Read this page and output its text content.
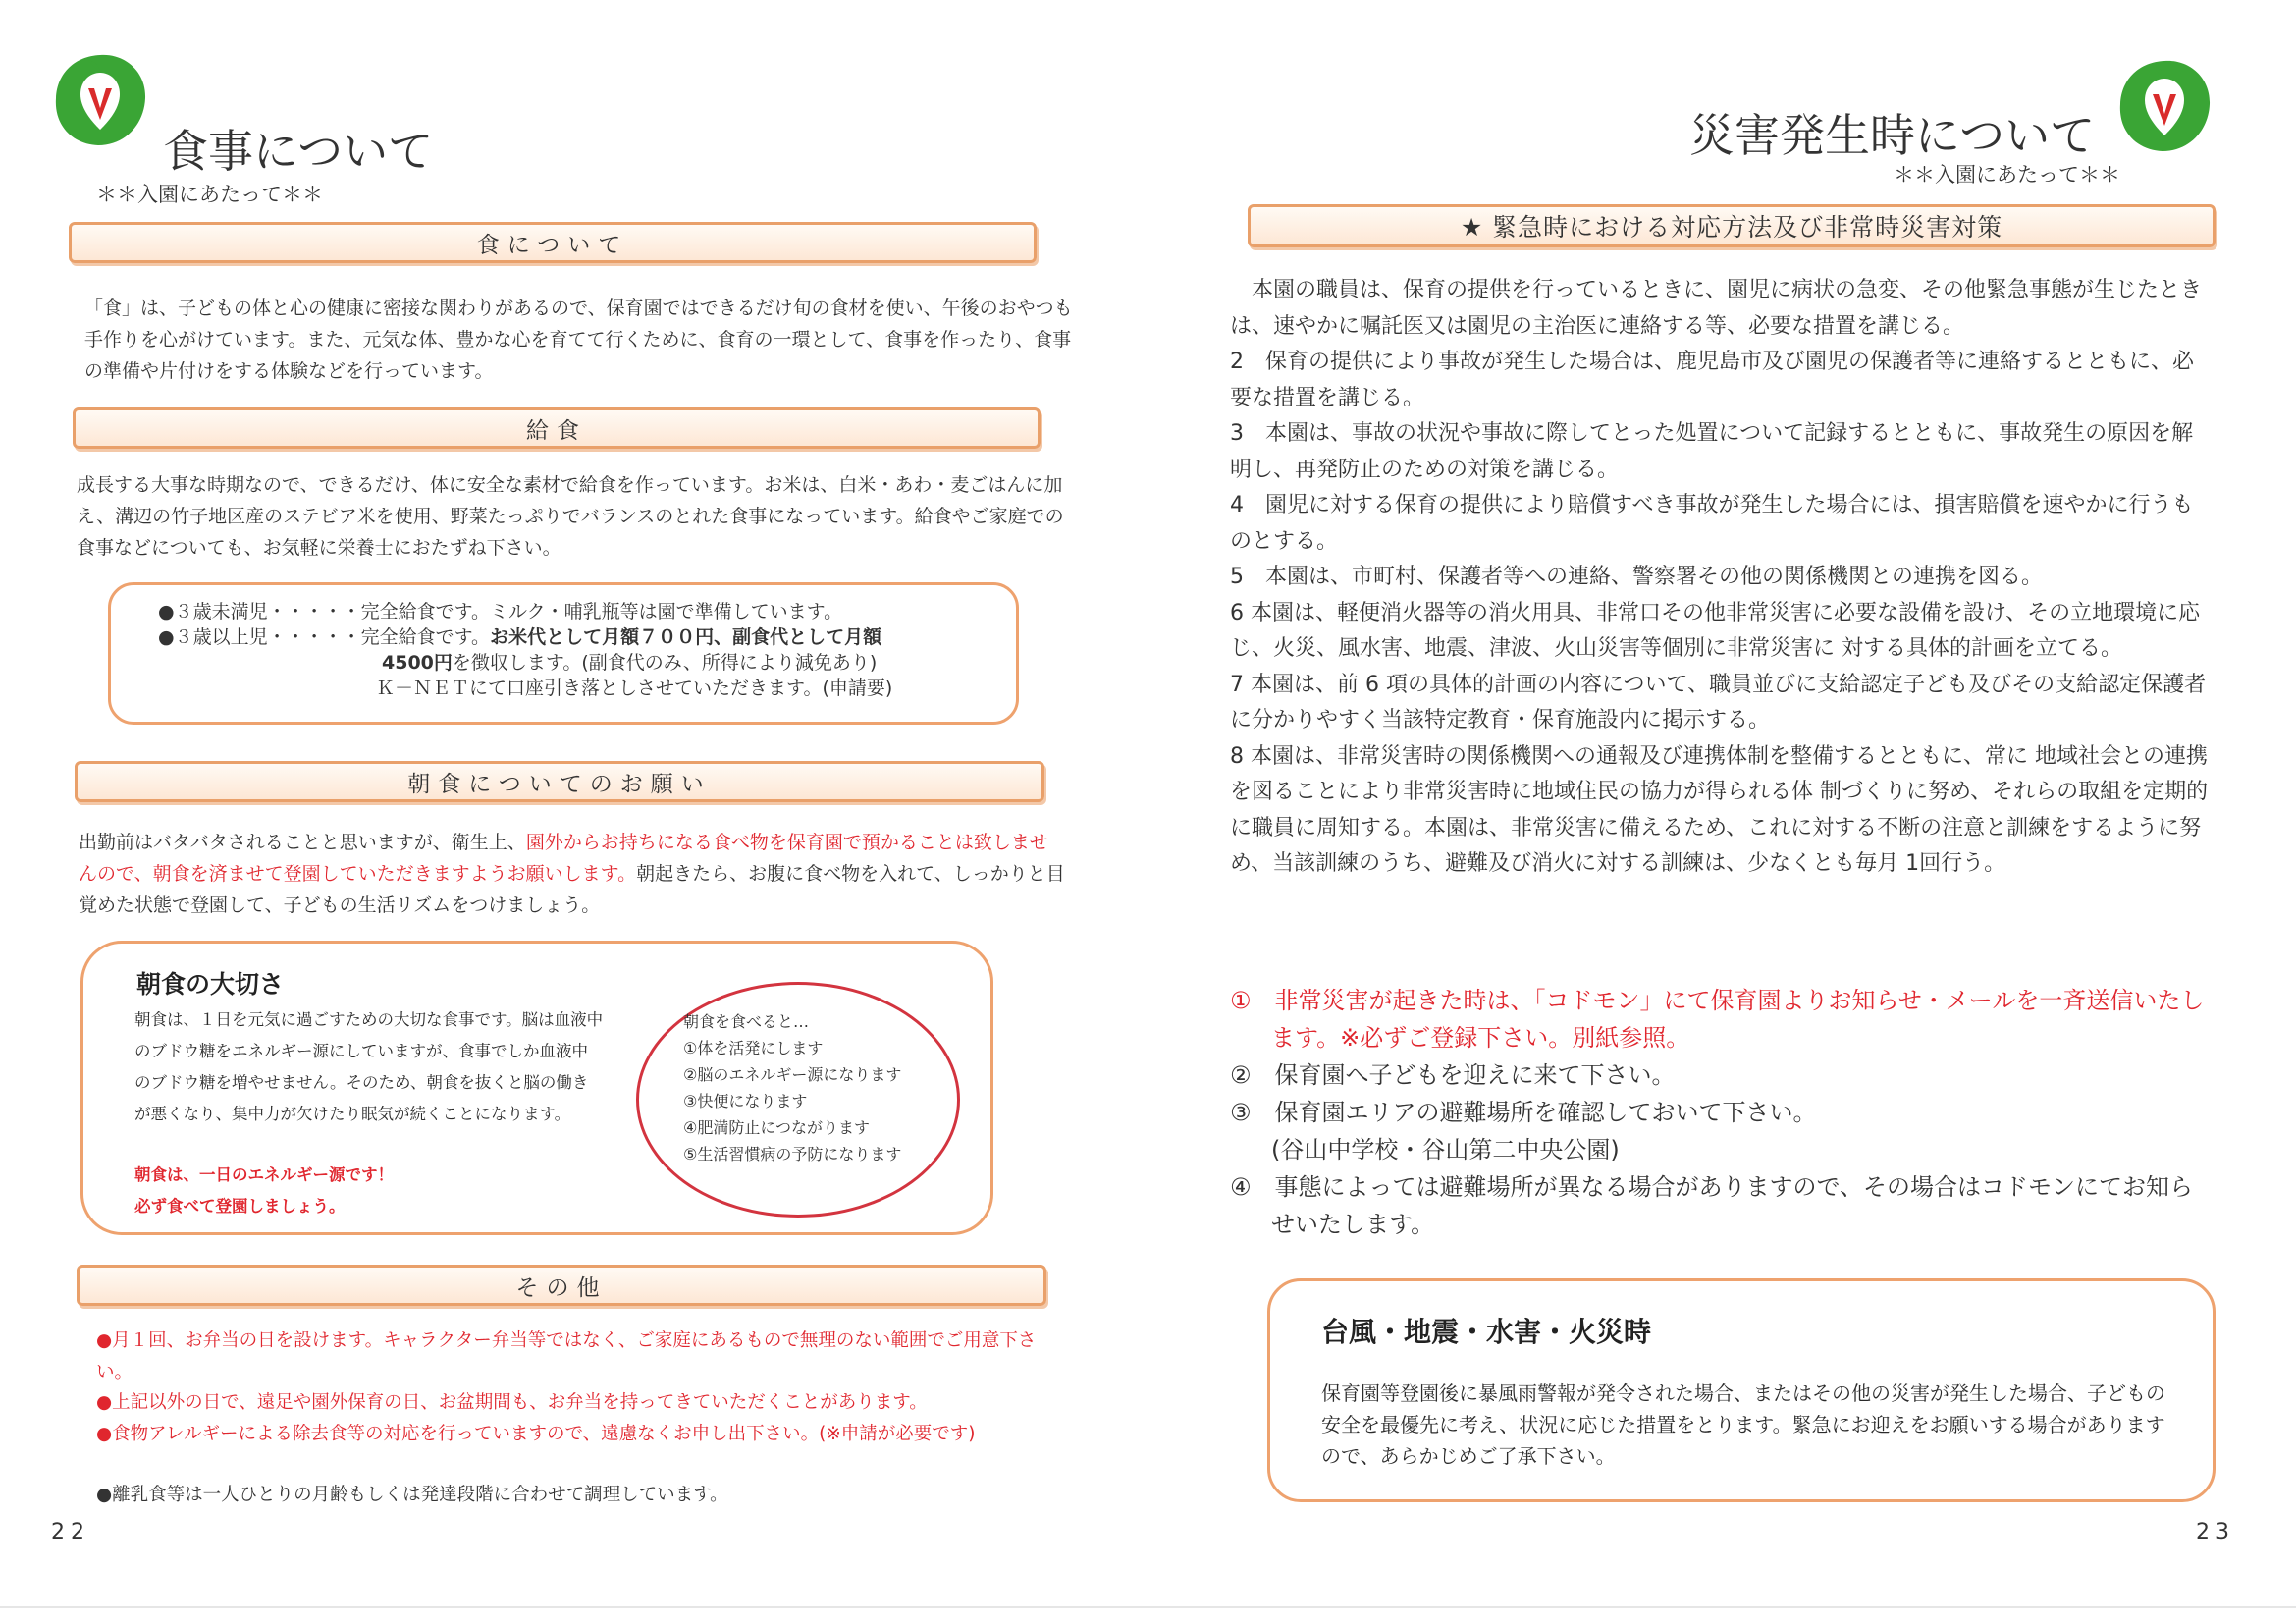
食事について
＊＊入園にあたって＊＊
食について
「食」は、子どもの体と心の健康に密接な関わりがあるので、保育園ではできるだけ旬の食材を使い、午後のおやつも手作りを心がけています。また、元気な体、豊かな心を育てて行くために、食育の一環として、食事を作ったり、食事の準備や片付けをする体験などを行っています。
給食
成長する大事な時期なので、できるだけ、体に安全な素材で給食を作っています。お米は、白米・あわ・麦ごはんに加え、溝辺の竹子地区産のステビア米を使用、野菜たっぷりでバランスのとれた食事になっています。給食やご家庭での食事などについても、お気軽に栄養士におたずね下さい。
●３歳未満児・・・・・完全給食です。ミルク・哺乳瓶等は園で準備しています。
●３歳以上児・・・・・完全給食です。お米代として月額７００円、副食代として月額
4500円を徴収します。(副食代のみ、所得により減免あり)
Ｋ－ＮＥＴにて口座引き落としさせていただきます。(申請要)
朝食についてのお願い
出勤前はバタバタされることと思いますが、衛生上、園外からお持ちになる食べ物を保育園で預かることは致しませんので、朝食を済ませて登園していただきますようお願いします。朝起きたら、お腹に食べ物を入れて、しっかりと目覚めた状態で登園して、子どもの生活リズムをつけましょう。
朝食の大切さ
朝食は、１日を元気に過ごすための大切な食事です。脳は血液中のブドウ糖をエネルギー源にしていますが、食事でしか血液中のブドウ糖を増やせません。そのため、朝食を抜くと脳の働きが悪くなり、集中力が欠けたり眠気が続くことになります。
朝食は、一日のエネルギー源です！
必ず食べて登園しましょう。
朝食を食べると…
①体を活発にします
②脳のエネルギー源になります
③快便になります
④肥満防止につながります
⑤生活習慣病の予防になります
その他

●月１回、お弁当の日を設けます。キャラクター弁当等ではなく、ご家庭にあるもので無理のない範囲でご用意下さい。

●上記以外の日で、遠足や園外保育の日、お盆期間も、お弁当を持ってきていただくことがあります。

●食物アレルギーによる除去食等の対応を行っていますので、遠慮なくお申し出下さい。(※申請が必要です)

●離乳食等は一人ひとりの月齢もしくは発達段階に合わせて調理しています。
22
災害発生時について
＊＊入園にあたって＊＊
★ 緊急時における対応方法及び非常時災害対策

本園の職員は、保育の提供を行っているときに、園児に病状の急変、その他緊急事態が生じたときは、速やかに嘱託医又は園児の主治医に連絡する等、必要な措置を講じる。

2　保育の提供により事故が発生した場合は、鹿児島市及び園児の保護者等に連絡するとともに、必要な措置を講じる。

3　本園は、事故の状況や事故に際してとった処置について記録するとともに、事故発生の原因を解明し、再発防止のための対策を講じる。

4　園児に対する保育の提供により賠償すべき事故が発生した場合には、損害賠償を速やかに行うものとする。

5　本園は、市町村、保護者等への連絡、警察署その他の関係機関との連携を図る。

6 本園は、軽便消火器等の消火用具、非常口その他非常災害に必要な設備を設け、その立地環境に応じ、火災、風水害、地震、津波、火山災害等個別に非常災害に 対する具体的計画を立てる。

7 本園は、前 6 項の具体的計画の内容について、職員並びに支給認定子ども及びその支給認定保護者に分かりやすく当該特定教育・保育施設内に掲示する。

8 本園は、非常災害時の関係機関への通報及び連携体制を整備するとともに、常に 地域社会との連携を図ることにより非常災害時に地域住民の協力が得られる体 制づくりに努め、それらの取組を定期的に職員に周知する。本園は、非常災害に備えるため、これに対する不断の注意と訓練をするように努め、当該訓練のうち、避難及び消火に対する訓練は、少なくとも毎月 1回行う。

①　非常災害が起きた時は、「コドモン」にて保育園よりお知らせ・メールを一斉送信いたします。※必ずご登録下さい。別紙参照。

②　保育園へ子どもを迎えに来て下さい。

③　保育園エリアの避難場所を確認しておいて下さい。

(谷山中学校・谷山第二中央公園)

④　事態によっては避難場所が異なる場合がありますので、その場合はコドモンにてお知らせいたします。

台風・地震・水害・火災時
保育園等登園後に暴風雨警報が発令された場合、またはその他の災害が発生した場合、子どもの安全を最優先に考え、状況に応じた措置をとります。緊急にお迎えをお願いする場合がありますので、あらかじめご了承下さい。
23
